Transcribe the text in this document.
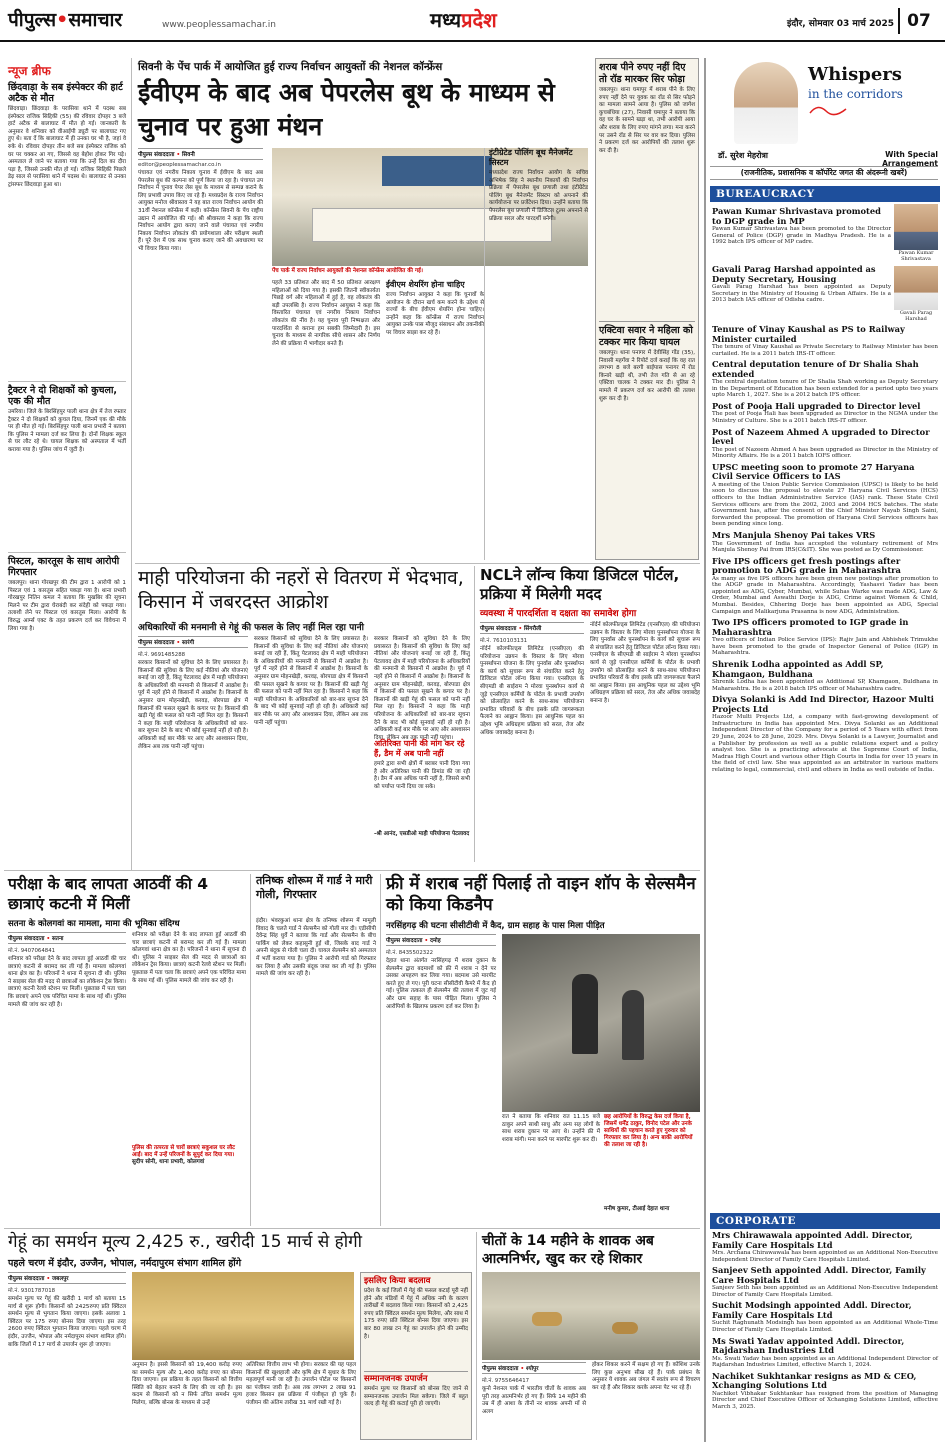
पीपुल्स•समाचार	www.peoplessamachar.in	मध्यप्रदेश	इंदौर, सोमवार 03 मार्च 2025 07
न्यूज ब्रीफ
छिंदवाड़ा के सब इंस्पेक्टर की हार्ट अटैक से मौत
छिंदवाड़ा। छिंदवाड़ा के परासिया थाने में पदस्थ सब इंस्पेक्टर राजिक सिद्दिकी (55) की रविवार दोपहर 3 बजे हार्ट अटैक से बालाघाट में मौत हो गई। जानकारी के अनुसार वे शनिवार को वीआईपी ड्यूटी पर बालाघाट गए हुए थे। बता दें कि बालाघाट में ही उनका घर भी है, जहां वे रुके थे। रविवार दोपहर तीन बजे सब इंस्पेक्टर राजिक को घर पर चक्कर आ गए, जिससे वह बेहोश होकर गिर पड़े। अस्पताल ले जाने पर बताया गया कि उन्हें दिल का दौरा पड़ा है, जिससे उनकी मौत हो गई। राजिक सिद्दिकी पिछले डेढ़ साल से परासिया थाने में पदस्थ थे। बालाघाट से उनका ट्रांसफर छिंदवाड़ा हुआ था।
ट्रैक्टर ने दो शिक्षकों को कुचला, एक की मौत
उमरिया। जिले के बिरसिंहपुर पाली थाना क्षेत्र में तेज रफ्तार ट्रैक्टर ने दो शिक्षकों को कुचल दिया, जिनमें एक की मौके पर ही मौत हो गई। बिरसिंहपुर पाली थाना प्रभारी ने बताया कि पुलिस ने मामला दर्ज कर लिया है। दोनों शिक्षक स्कूल से घर लौट रहे थे। घायल शिक्षक को अस्पताल में भर्ती कराया गया है। पुलिस जांच में जुटी है।
पिस्टल, कारतूस के साथ आरोपी गिरफ्तार
जबलपुर। थाना गोरखपुर की टीम द्वारा 1 आरोपी को 1 पिस्टल एवं 1 कारतूस सहित पकड़ा गया है। थाना प्रभारी गोरखपुर नितिन कमल ने बताया कि मुखबिर की सूचना मिलने पर टीम द्वारा घेराबंदी कर संदेही को पकड़ा गया। तलाशी लेने पर पिस्टल एवं कारतूस मिला। आरोपी के विरुद्ध आर्म्स एक्ट के तहत प्रकरण दर्ज कर विवेचना में लिया गया है।
सिवनी के पेंच पार्क में आयोजित हुई राज्य निर्वाचन आयुक्तों की नेशनल कॉन्फ्रेंस
ईवीएम के बाद अब पेपरलेस बूथ के माध्यम से चुनाव पर हुआ मंथन
पीपुल्स संवाददाता • सिवनी
editor@peoplessamachar.co.in
पंचायत एवं नगरीय निकाय चुनाव में ईवीएम के बाद अब पेपरलेस बूथ की कल्पना को पूर्ण किया जा रहा है। पंचायत उप निर्वाचन में चुनाव पेपर लेस बूथ के माध्यम से सम्पन्न कराने के लिए प्रभावी उपाय किए जा रहे हैं। मध्यप्रदेश के राज्य निर्वाचन आयुक्त मनोज श्रीवास्तव ने यह बात राज्य निर्वाचन आयोग की 31वीं नेशनल कॉन्फ्रेंस में कही। कॉन्फ्रेंस सिवनी के पेंच राष्ट्रीय उद्यान में आयोजित की गई। श्री श्रीवास्तव ने कहा कि राज्य निर्वाचन आयोग द्वारा कराए जाने वाले पंचायत एवं नगरीय निकाय निर्वाचन लोकतंत्र की प्रयोगशाला और परीक्षण स्थली हैं। पूरे देश में एक साथ चुनाव कराए जाने की अवधारणा पर भी विचार किया गया।
पेंच पार्क में राज्य निर्वाचन आयुक्तों की नेशनल कॉन्फ्रेंस आयोजित की गई।
पहले 33 प्रतिशत और बाद में 50 प्रतिशत आरक्षण महिलाओं को दिया गया है। इसकी जितनी स्वीकार्यता पिछड़े वर्ग और महिलाओं में हुई है, वह लोकतंत्र की बड़ी उपलब्धि है। राज्य निर्वाचन आयुक्त ने कहा कि विस्तारित पंचायत एवं नगरीय निकाय निर्वाचन लोकतंत्र की नींव है। यह चुनाव पूरी निष्पक्षता और पारदर्शिता से कराना हम सबकी जिम्मेदारी है। इस चुनाव के माध्यम से नागरिक सीधे शासन और निर्णय लेने की प्रक्रिया में भागीदार बनते हैं।
ईवीएम शेयरिंग होना चाहिए
राज्य निर्वाचन आयुक्त ने कहा कि चुनावों के आयोजन के दौरान खर्च कम करने के उद्देश्य से राज्यों के बीच ईवीएम शेयरिंग होना चाहिए। उन्होंने कहा कि कॉन्फ्रेंस में राज्य निर्वाचन आयुक्त उनके पास मौजूद संसाधन और तकनीकी पर विचार साझा कर रहे हैं।
इंटीग्रेटेड पोलिंग बूथ मैनेजमेंट सिस्टम
मध्यप्रदेश राज्य निर्वाचन आयोग के सचिव अभिषेक सिंह ने स्थानीय निकायों की निर्वाचन प्रक्रिया में पेपरलेस बूथ प्रणाली तथा इंटीग्रेटेड पोलिंग बूथ मैनेजमेंट सिस्टम को अपनाने की कार्ययोजना पर प्रजेंटेशन दिया। उन्होंने बताया कि पेपरलेस बूथ प्रणाली में डिजिटल टूल्स अपनाने से प्रक्रिया सरल और पारदर्शी बनेगी।
शराब पीने रुपए नहीं दिए तो रॉड मारकर सिर फोड़ा
जबलपुर। थाना घमापुर में शराब पीने के लिए रुपए नहीं देने पर युवक का रॉड से सिर फोड़ने का मामला सामने आया है। पुलिस को जागेश कुचबंधिया (27), निवासी घमापुर ने बताया कि वह घर के सामने खड़ा था, तभी आरोपी आया और शराब के लिए रुपए मांगने लगा। मना करने पर उसने रॉड से सिर पर वार कर दिया। पुलिस ने प्रकरण दर्ज कर आरोपियों की तलाश शुरू कर दी है।
एक्टिवा सवार ने महिला को टक्कर मार किया घायल
जबलपुर। थाना पनागर में देवीसिंह गोंड (35), निवासी महगँवा ने रिपोर्ट दर्ज कराई कि वह रात लगभग 8 बजे बरगी बाईपास पनागर में रोड किनारे खड़ी थी, तभी तेज गति से आ रहे एक्टिवा चालक ने टक्कर मार दी। पुलिस ने मामले में प्रकरण दर्ज कर आरोपी की तलाश शुरू कर दी है।
माही परियोजना की नहरों से वितरण में भेदभाव, किसान में जबरदस्त आक्रोश
अधिकारियों की मनमानी से गेहूं की फसल के लिए नहीं मिल रहा पानी
पीपुल्स संवाददाता • सारंगी
मो.नं. 9691485288
सरकार किसानों को सुविधा देने के लिए प्रयासरत है। किसानों की सुविधा के लिए कई नीतियां और योजनाएं बनाई जा रही हैं, किंतु पेटलावद क्षेत्र में माही परियोजना के अधिकारियों की मनमानी से किसानों में आक्रोश है। पूर्व में नहरें होने से किसानों में आक्रोश है। किसानों के अनुसार ग्राम मोहनखेड़ी, करवड़, बोरपाडा क्षेत्र में किसानों की फसल सूखने के कगार पर है। किसानों की खड़ी गेहूं की फसल को पानी नहीं मिल रहा है। किसानों ने कहा कि माही परियोजना के अधिकारियों को बार-बार सूचना देने के बाद भी कोई सुनवाई नहीं हो रही है। अधिकारी कई बार मौके पर आए और आश्वासन दिया, लेकिन अब तक पानी नहीं पहुंचा।
सरकार किसानों को सुविधा देने के लिए प्रयासरत है। किसानों की सुविधा के लिए कई नीतियां और योजनाएं बनाई जा रही हैं, किंतु पेटलावद क्षेत्र में माही परियोजना के अधिकारियों की मनमानी से किसानों में आक्रोश है। पूर्व में नहरें होने से किसानों में आक्रोश है। किसानों के अनुसार ग्राम मोहनखेड़ी, करवड़, बोरपाडा क्षेत्र में किसानों की फसल सूखने के कगार पर है। किसानों की खड़ी गेहूं की फसल को पानी नहीं मिल रहा है। किसानों ने कहा कि माही परियोजना के अधिकारियों को बार-बार सूचना देने के बाद भी कोई सुनवाई नहीं हो रही है। अधिकारी कई बार मौके पर आए और आश्वासन दिया, लेकिन अब तक पानी नहीं पहुंचा।
सरकार किसानों को सुविधा देने के लिए प्रयासरत है। किसानों की सुविधा के लिए कई नीतियां और योजनाएं बनाई जा रही हैं, किंतु पेटलावद क्षेत्र में माही परियोजना के अधिकारियों की मनमानी से किसानों में आक्रोश है। पूर्व में नहरें होने से किसानों में आक्रोश है। किसानों के अनुसार ग्राम मोहनखेड़ी, करवड़, बोरपाडा क्षेत्र में किसानों की फसल सूखने के कगार पर है। किसानों की खड़ी गेहूं की फसल को पानी नहीं मिल रहा है। किसानों ने कहा कि माही परियोजना के अधिकारियों को बार-बार सूचना देने के बाद भी कोई सुनवाई नहीं हो रही है। अधिकारी कई बार मौके पर आए और आश्वासन दिया, लेकिन अब तक पानी नहीं पहुंचा।
अतिरिक्त पानी की मांग कर रहे हैं, डैम में अब पानी नहीं
हमारे द्वारा सभी क्षेत्रों में बराबर पानी दिया गया है और अतिरिक्त पानी की डिमांड की जा रही है। डैम में अब अधिक पानी नहीं है, जिससे सभी को पर्याप्त पानी दिया जा सके।
-श्री आनंद, एसडीओ माही परियोजना पेटलावद
NCLने लॉन्च किया डिजिटल पोर्टल, प्रक्रिया में मिलेगी मदद
व्यवस्था में पारदर्शिता व दक्षता का समावेश होगा
पीपुल्स संवाददाता • सिंगरौली
मो.नं. 7610103131
नॉर्दर्न कोलफील्ड्स लिमिटेड (एनसीएल) की परियोजना उन्नयन के विस्तार के लिए मोरवा पुनर्स्थापना योजना के लिए पुनर्वास और पुनर्स्थापन के कार्य को सुचारू रूप से संचालित करने हेतु डिजिटल पोर्टल लॉन्च किया गया। एनसीएल के सीएमडी बी साईराम ने मोरवा पुनर्स्थापन कार्य से जुड़े एनसीएल कर्मियों के पोर्टल के प्रभावी उपयोग को प्रोत्साहित करने के साथ-साथ परियोजना प्रभावित परिवारों के बीच इसके प्रति जागरूकता फैलाने का आह्वान किया। इस आधुनिक पहल का उद्देश्य भूमि अधिग्रहण प्रक्रिया को सरल, तेज और अधिक जवाबदेह बनाना है।
नॉर्दर्न कोलफील्ड्स लिमिटेड (एनसीएल) की परियोजना उन्नयन के विस्तार के लिए मोरवा पुनर्स्थापना योजना के लिए पुनर्वास और पुनर्स्थापन के कार्य को सुचारू रूप से संचालित करने हेतु डिजिटल पोर्टल लॉन्च किया गया। एनसीएल के सीएमडी बी साईराम ने मोरवा पुनर्स्थापन कार्य से जुड़े एनसीएल कर्मियों के पोर्टल के प्रभावी उपयोग को प्रोत्साहित करने के साथ-साथ परियोजना प्रभावित परिवारों के बीच इसके प्रति जागरूकता फैलाने का आह्वान किया। इस आधुनिक पहल का उद्देश्य भूमि अधिग्रहण प्रक्रिया को सरल, तेज और अधिक जवाबदेह बनाना है।
परीक्षा के बाद लापता आठवीं की 4 छात्राएं कटनी में मिलीं
सतना के कोलगवां का मामला, मामा की भूमिका संदिग्ध
पीपुल्स संवाददाता • सतना
मो.नं. 9407064841
शनिवार को परीक्षा देने के बाद लापता हुई आठवीं की चार छात्राएं कटनी से बरामद कर ली गई हैं। मामला कोलगवां थाना क्षेत्र का है। परिजनों ने थाना में सूचना दी थी। पुलिस ने साइबर सेल की मदद से छात्राओं का लोकेशन ट्रेस किया। छात्राएं कटनी रेलवे स्टेशन पर मिलीं। पूछताछ में पता चला कि छात्राएं अपने एक परिचित मामा के साथ गई थीं। पुलिस मामले की जांच कर रही है।
शनिवार को परीक्षा देने के बाद लापता हुई आठवीं की चार छात्राएं कटनी से बरामद कर ली गई हैं। मामला कोलगवां थाना क्षेत्र का है। परिजनों ने थाना में सूचना दी थी। पुलिस ने साइबर सेल की मदद से छात्राओं का लोकेशन ट्रेस किया। छात्राएं कटनी रेलवे स्टेशन पर मिलीं। पूछताछ में पता चला कि छात्राएं अपने एक परिचित मामा के साथ गई थीं। पुलिस मामले की जांच कर रही है।
पुलिस की तत्परता से चारों छात्राएं सकुशल घर लौट आईं। बाद में उन्हें परिजनों के सुपुर्द कर दिया गया।
सुदीप सोनी, थाना प्रभारी, कोलगवां
तनिष्क शोरूम में गार्ड ने मारी गोली, गिरफ्तार
इंदौर। भंवरकुआं थाना क्षेत्र के तनिष्क शोरूम में मामूली विवाद के चलते गार्ड ने सेल्समैन को गोली मार दी। एडीसीपी देवेन्द्र सिंह धुर्वे ने बताया कि गार्ड और सेल्समैन के बीच पार्किंग को लेकर कहासुनी हुई थी, जिसके बाद गार्ड ने अपनी बंदूक से गोली चला दी। घायल सेल्समैन को अस्पताल में भर्ती कराया गया है। पुलिस ने आरोपी गार्ड को गिरफ्तार कर लिया है और उसकी बंदूक जब्त कर ली गई है। पुलिस मामले की जांच कर रही है।
फ्री में शराब नहीं पिलाई तो वाइन शॉप के सेल्समैन को किया किडनैप
नरसिंहगढ़ की घटना सीसीटीवी में कैद, ग्राम सहाह के पास मिला पीड़ित
पीपुल्स संवाददाता • दमोह
मो.नं. 8435502322
देहात थाना अंतर्गत नरसिंहगढ़ में शराब दुकान के सेल्समैन द्वारा बदमाशों को फ्री में शराब न देने पर उसका अपहरण कर लिया गया। बदमाश उसे मारपीट करते हुए ले गए। पूरी घटना सीसीटीवी कैमरे में कैद हो गई। पुलिस तत्काल ही सेल्समैन की तलाश में जुट गई और ग्राम सहाह के पास पीड़ित मिला। पुलिस ने आरोपियों के खिलाफ प्रकरण दर्ज कर लिया है।
रात ने बताया कि शनिवार रात 11.15 बजे ठाकुर अपने साथी साधु और अन्य सह लोगों के साथ शराब दुकान पर आए थे। उन्होंने फ्री में शराब मांगी। मना करने पर मारपीट शुरू कर दी।
छह आरोपियों के विरुद्ध केस दर्ज किया है, जिसमें धर्मेंद्र ठाकुर, विनोद पटेल और उनके साथियों की पहचान करते हुए गुरुवार को गिरफ्तार कर लिया है। अन्य बाकी आरोपियों की तलाश जा रही है।
मनीष कुमार, टीआई देहात थाना
गेहूं का समर्थन मूल्य 2,425 रु., खरीदी 15 मार्च से होगी
पहले चरण में इंदौर, उज्जैन, भोपाल, नर्मदापुरम संभाग शामिल होंगे
पीपुल्स संवाददाता • जबलपुर
मो.नं. 9301787018
समर्थन मूल्य पर गेहूं की खरीदी 1 मार्च को बताया 15 मार्च से शुरू होगी। किसानों को 2425रुपए प्रति क्विंटल समर्थन मूल्य से भुगतान किया जाएगा। इसके अलावा 1 क्विंटल पर 175 रुपए बोनस दिया जाएगा। इस तरह 2600 रुपए क्विंटल भुगतान किया जाएगा। पहले चरण में इंदौर, उज्जैन, भोपाल और नर्मदापुरम संभाग शामिल होंगे। बाकि जिलों में 17 मार्च से उपार्जन शुरू हो जाएगा।
अनुमान है। इससे किसानों को 19,400 करोड़ रुपए का समर्थन मूल्य और 1,400 करोड़ रुपए का बोनस दिया जाएगा। इस प्रक्रिया के तहत किसानों को वित्तीय स्थिति को बेहतर बनाने के लिए की जा रही है। इस कदम से किसानों को न सिर्फ उचित समर्थन मूल्य मिलेगा, बल्कि बोनस के माध्यम से उन्हें
अतिरिक्त वित्तीय लाभ भी होगा। सरकार की यह पहल किसानों की खुशहाली और कृषि क्षेत्र में सुधार के लिए महत्वपूर्ण मानी जा रही है। उपार्जन पोर्टल पर किसानों का पंजीयन जारी है। अब तक लगभग 2 लाख 91 हजार किसान इस प्रक्रिया में पंजीकृत हो चुके हैं। पंजीयन की अंतिम तारीख 31 मार्च रखी गई है।
इसलिए किया बदलाव
प्रदेश के कई जिलों में गेहूं की फसल कटाई पूरी नहीं होने और मंडियों में गेहूं में अधिक नमी के कारण तारीखों में बदलाव किया गया। किसानों को 2,425 रुपए प्रति क्विंटल समर्थन मूल्य मिलेगा, और साथ में 175 रुपए प्रति क्विंटल बोनस दिया जाएगा। इस बार 80 लाख टन गेहूं का उपार्जन होने की उम्मीद है।
सम्मानजनक उपार्जन
समर्थन मूल्य पर किसानों को बोनस दिए जाने से सम्मानजनक उपार्जन मिल सकेगा। जिले में बहुत जल्द ही गेहूं की कटाई पूरी हो जाएगी।
चीतों के 14 महीने के शावक अब आत्मनिर्भर, खुद कर रहे शिकार
पीपुल्स संवाददाता • श्योपुर
मो.नं. 9755646417
कूनो नेशनल पार्क में भारतीय चीतों के शावक अब पूरी तरह आत्मनिर्भर हो गए हैं। सिर्फ 14 महीने की उम्र में ही आशा के तीनों नर शावक अपनी माँ से अलग
होकर शिकार करने में सक्षम हो गए हैं। कोशिश उनके लिए कुछ अनुभव सीख रहे हैं। पार्क प्रबंधन के अनुसार ये शावक अब जंगल में स्वतंत्र रूप से विचरण कर रहे हैं और शिकार करके अपना पेट भर रहे हैं।
Whispers
in the corridors
डॉ. सुरेश मेहरोत्रा	With Special Arrangement
(राजनीतिक, प्रशासनिक व कॉर्पोरेट जगत की अंदरूनी खबरें)
BUREAUCRACY
Pawan Kumar Shrivastava promoted to DGP grade in MP
Pawan Kumar Shrivastava has been promoted to the Director General of Police (DGP) grade in Madhya Pradesh. He is a 1992 batch IPS officer of MP cadre.
Pawan Kumar Shrivastava
Gavali Parag Harshad appointed as Deputy Secretary, Housing
Gavali Parag Harshad has been appointed as Deputy Secretary in the Ministry of Housing & Urban Affairs. He is a 2013 batch IAS officer of Odisha cadre.
Gavali Parag Harshad
Tenure of Vinay Kaushal as PS to Railway Minister curtailed
The tenure of Vinay Kaushal as Private Secretary to Railway Minister has been curtailed. He is a 2011 batch IRS-IT officer.
Central deputation tenure of Dr Shalia Shah extended
The central deputation tenure of Dr Shalia Shah working as Deputy Secretary in the Department of Education has been extended for a period upto two years upto March 1, 2027. She is a 2012 batch IFS officer.
Post of Pooja Hali upgraded to Director level
The post of Pooja Hali has been upgraded as Director in the NGMA under the Ministry of Culture. She is a 2011 batch IRS-IT officer.
Post of Nazeem Ahmed A upgraded to Director level
The post of Nazeem Ahmed A has been upgraded as Director in the Ministry of Minority Affairs. He is a 2011 batch IOFS officer.
UPSC meeting soon to promote 27 Haryana Civil Service Officers to IAS
A meeting of the Union Public Service Commission (UPSC) is likely to be held soon to discuss the proposal to elevate 27 Haryana Civil Services (HCS) officers to the Indian Administrative Service (IAS) rank. These State Civil Services officers are from the 2002, 2003 and 2004 HCS batches. The state Government has, after the consent of the Chief Minister Nayab Singh Saini, forwarded the proposal. The promotion of Haryana Civil Services officers has been pending since long.
Mrs Manjula Shenoy Pai takes VRS
The Government of India has accepted the voluntary retirement of Mrs Manjula Shenoy Pai from IRS(C&IT). She was posted as Dy Commissioner.
Five IPS officers get fresh postings after promotion to ADG grade in Maharashtra
As many as five IPS officers have been given new postings after promotion to the ADGP grade in Maharashtra. Accordingly, Yashasvi Yadav has been appointed as ADG, Cyber, Mumbai, while Suhas Warke was made ADG, Law & Order, Mumbai and Aswathi Dorje is ADG, Crime against Women & Child, Mumbai. Besides, Chhering Dorje has been appointed as ADG, Special Campaign and Malikarjuna Prasanna is now ADG, Administration.
Two IPS officers promoted to IGP grade in Maharashtra
Two officers of Indian Police Service (IPS): Rajiv Jain and Abhishek Trimukhe have been promoted to the grade of Inspector General of Police (IGP) in Maharashtra.
Shrenik Lodha appointed as Addl SP, Khamgaon, Buldhana
Shrenik Lodha has been appointed as Additional SP, Khamgaon, Buldhana in Maharashtra. He is a 2018 batch IPS officer of Maharashtra cadre.
Divya Solanki is Add Ind Director, Hazoor Multi Projects Ltd
Hazoor Multi Projects Ltd, a company with fast-growing development of Infrastructure in India has appointed Mrs. Divya Solanki as an Additional Independent Director of the Company for a period of 5 Years with effect from 29 June, 2024 to 28 June, 2029. Mrs. Divya Solanki is a Lawyer, Journalist and a Publisher by profession as well as a public relations expert and a policy analyst too. She is a practicing advocate at the Supreme Court of India, Madras High Court and various other High Courts in India for over 15 years in the field of civil law. She was appointed as an arbitrator in various matters relating to legal, commercial, civil and others in India as well outside of India.
CORPORATE
Mrs Chirawawala appointed Addl. Director, Family Care Hospitals Ltd
Mrs. Archana Chirawawala has been appointed as an Additional Non-Executive Independent Director of Family Care Hospitals Limited.
Sanjeev Seth appointed Addl. Director, Family Care Hospitals Ltd
Sanjeev Seth has been appointed as an Additional Non-Executive Independent Director of Family Care Hospitals Limited.
Suchit Modsingh appointed Addl. Director, Family Care Hospitals Ltd
Suchit Raghunath Modsingh has been appointed as an Additional Whole-Time Director of Family Care Hospitals Limited.
Ms Swati Yadav appointed Addl. Director, Rajdarshan Industries Ltd
Ms. Swati Yadav has been appointed as an Additional Independent Director of Rajdarshan Industries Limited, effective March 1, 2024.
Nachiket Sukhtankar resigns as MD & CEO, Xchanging Solutions Ltd
Nachiket Vibhakar Sukhtankar has resigned from the position of Managing Director and Chief Executive Officer of Xchanging Solutions Limited, effective March 3, 2025.
